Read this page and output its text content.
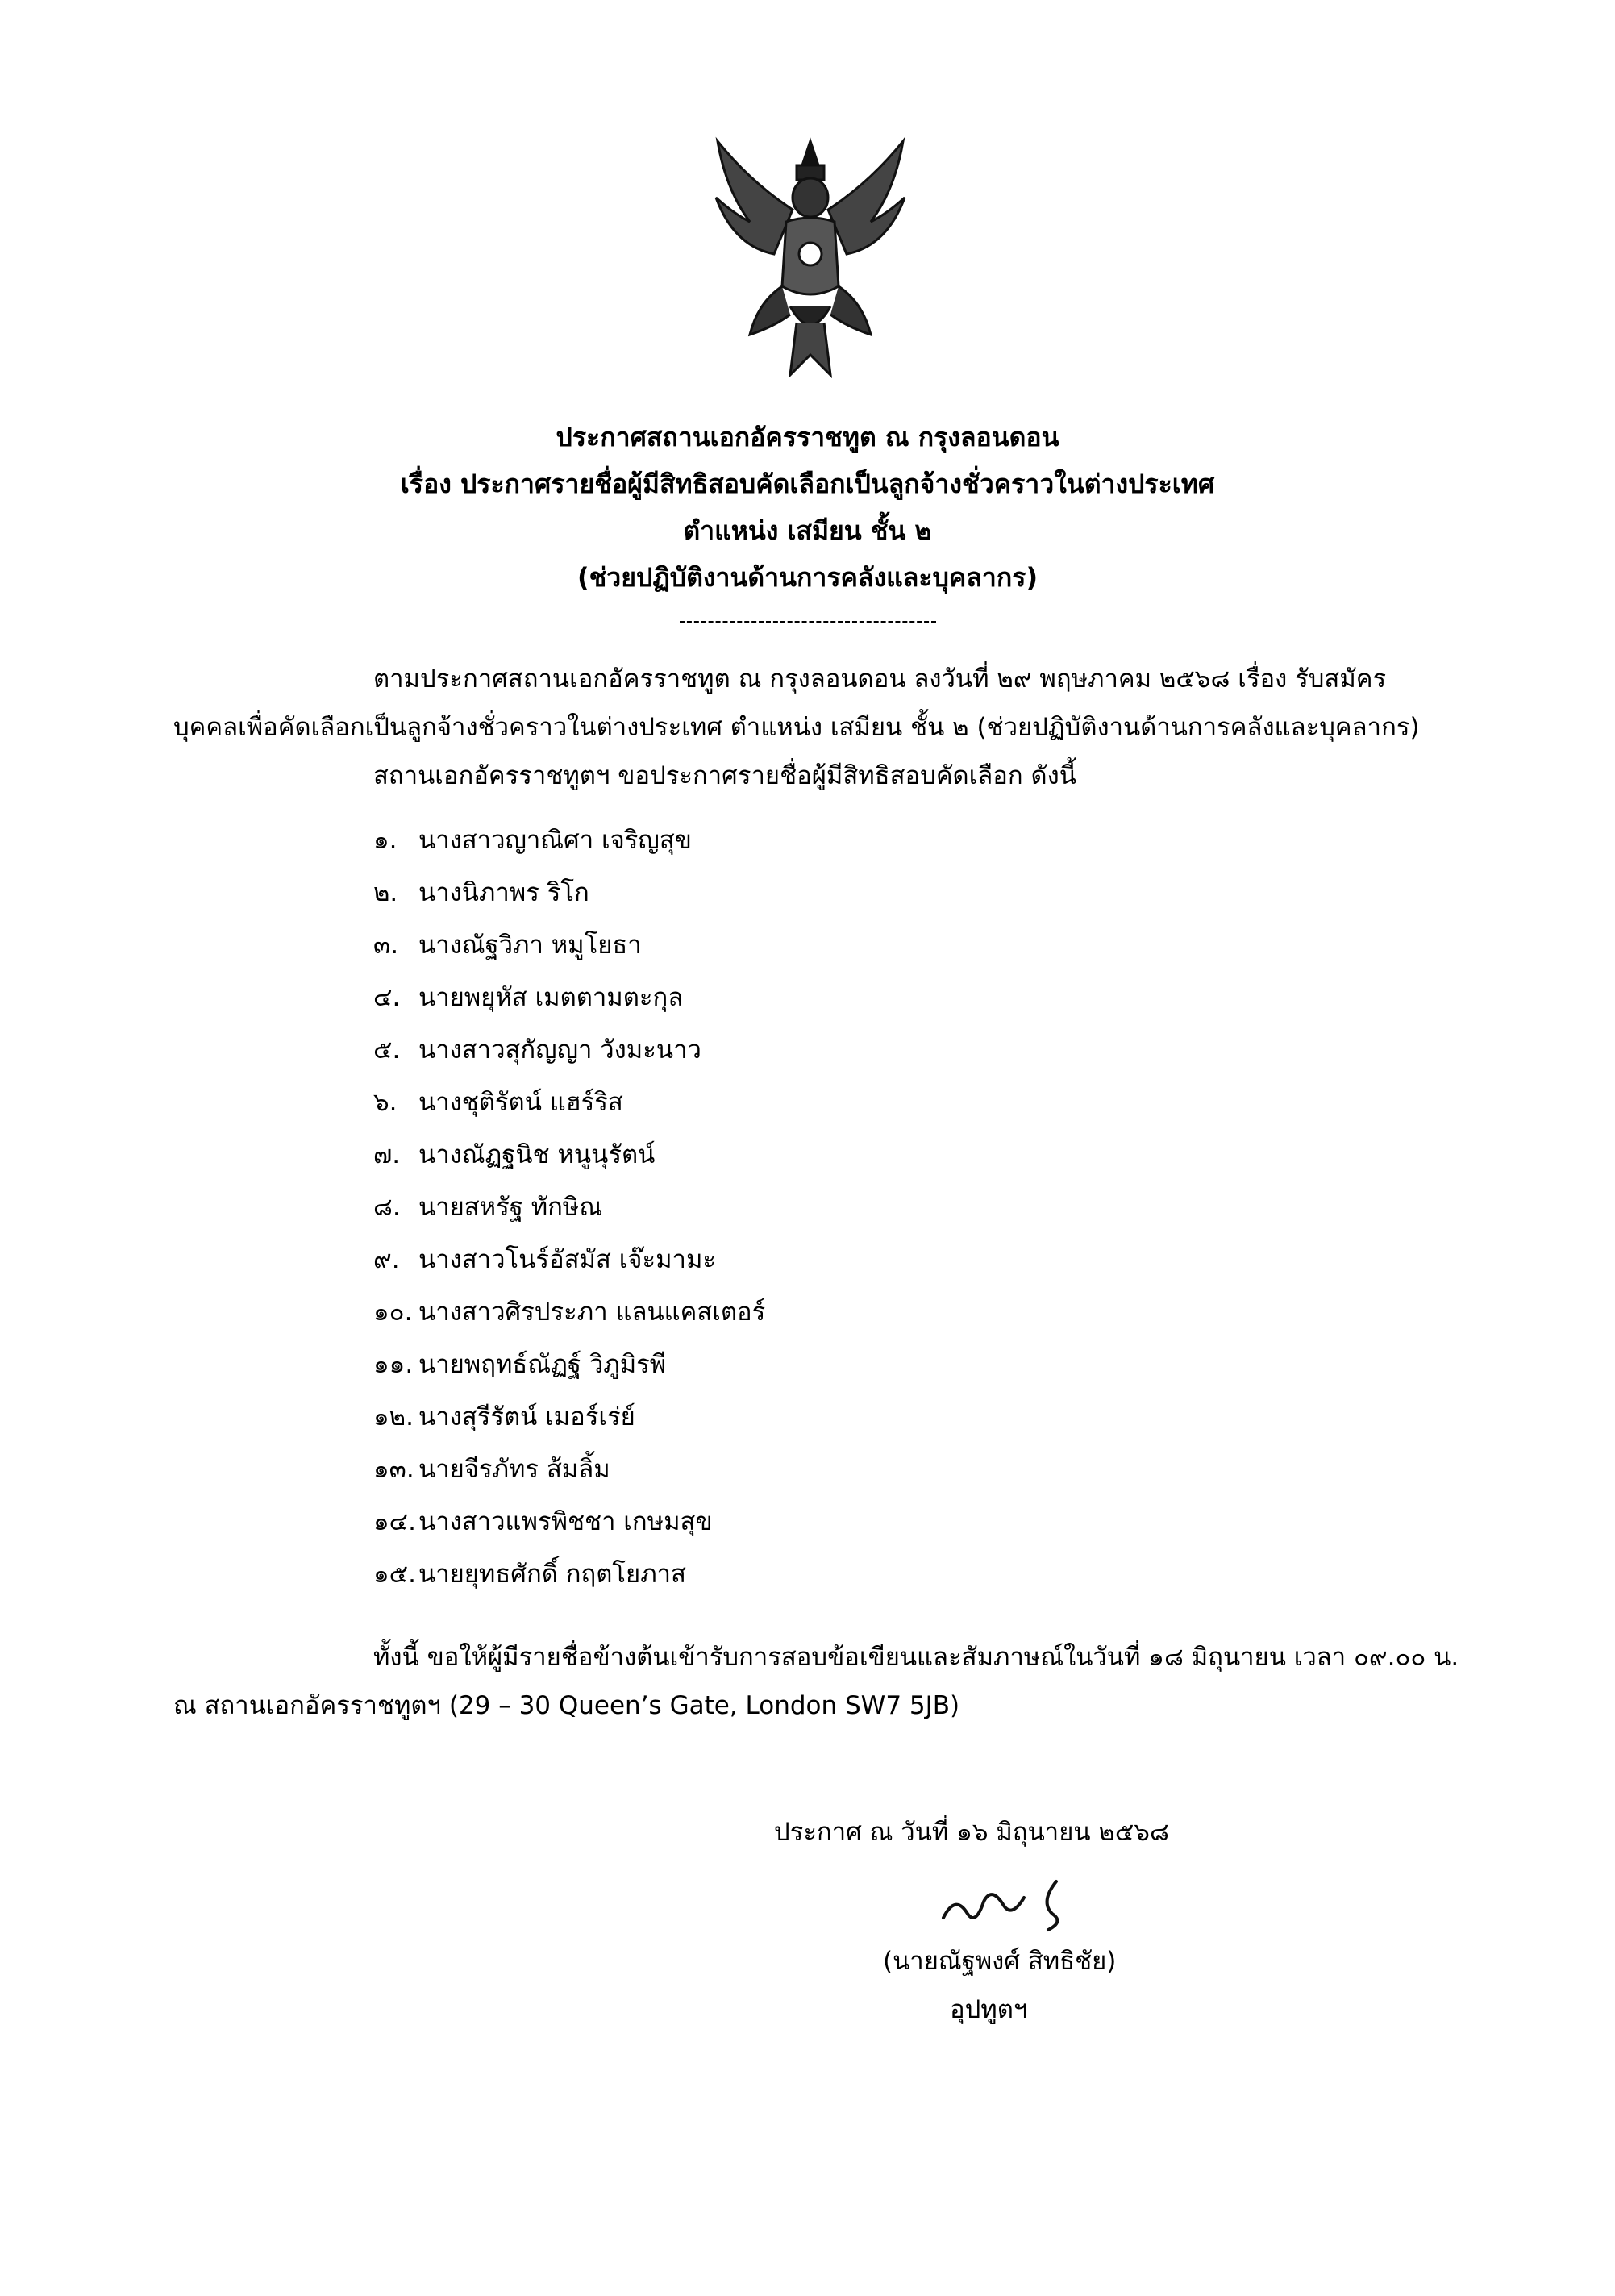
ประกาศสถานเอกอัครราชทูต ณ กรุงลอนดอน
เรื่อง ประกาศรายชื่อผู้มีสิทธิสอบคัดเลือกเป็นลูกจ้างชั่วคราวในต่างประเทศ
ตำแหน่ง เสมียน ชั้น ๒
(ช่วยปฏิบัติงานด้านการคลังและบุคลากร)
ตามประกาศสถานเอกอัครราชทูต ณ กรุงลอนดอน ลงวันที่ ๒๙ พฤษภาคม ๒๕๖๘ เรื่อง รับสมัคร
บุคคลเพื่อคัดเลือกเป็นลูกจ้างชั่วคราวในต่างประเทศ ตำแหน่ง เสมียน ชั้น ๒ (ช่วยปฏิบัติงานด้านการคลังและบุคลากร)
สถานเอกอัครราชทูตฯ ขอประกาศรายชื่อผู้มีสิทธิสอบคัดเลือก ดังนี้
๑. นางสาวญาณิศา เจริญสุข
๒. นางนิภาพร ริโก
๓. นางณัฐวิภา หมูโยธา
๔. นายพยุหัส เมตตามตะกุล
๕. นางสาวสุกัญญา วังมะนาว
๖. นางชุติรัตน์ แฮร์ริส
๗. นางณัฏฐนิช หนูนุรัตน์
๘. นายสหรัฐ ทักษิณ
๙. นางสาวโนร์อัสมัส เจ๊ะมามะ
๑๐. นางสาวศิรประภา แลนแคสเตอร์
๑๑. นายพฤทธ์ณัฏฐ์ วิภูมิรพี
๑๒. นางสุรีรัตน์ เมอร์เร่ย์
๑๓. นายจีรภัทร ส้มลิ้ม
๑๔.นางสาวแพรพิชชา เกษมสุข
๑๕.นายยุทธศักดิ์ กฤตโยภาส
ทั้งนี้ ขอให้ผู้มีรายชื่อข้างต้นเข้ารับการสอบข้อเขียนและสัมภาษณ์ในวันที่ ๑๘ มิถุนายน เวลา ๐๙.๐๐ น.
ณ สถานเอกอัครราชทูตฯ (29 – 30 Queen’s Gate, London SW7 5JB)
ประกาศ ณ วันที่ ๑๖ มิถุนายน ๒๕๖๘
(นายณัฐพงศ์ สิทธิชัย)
อุปทูตฯ
